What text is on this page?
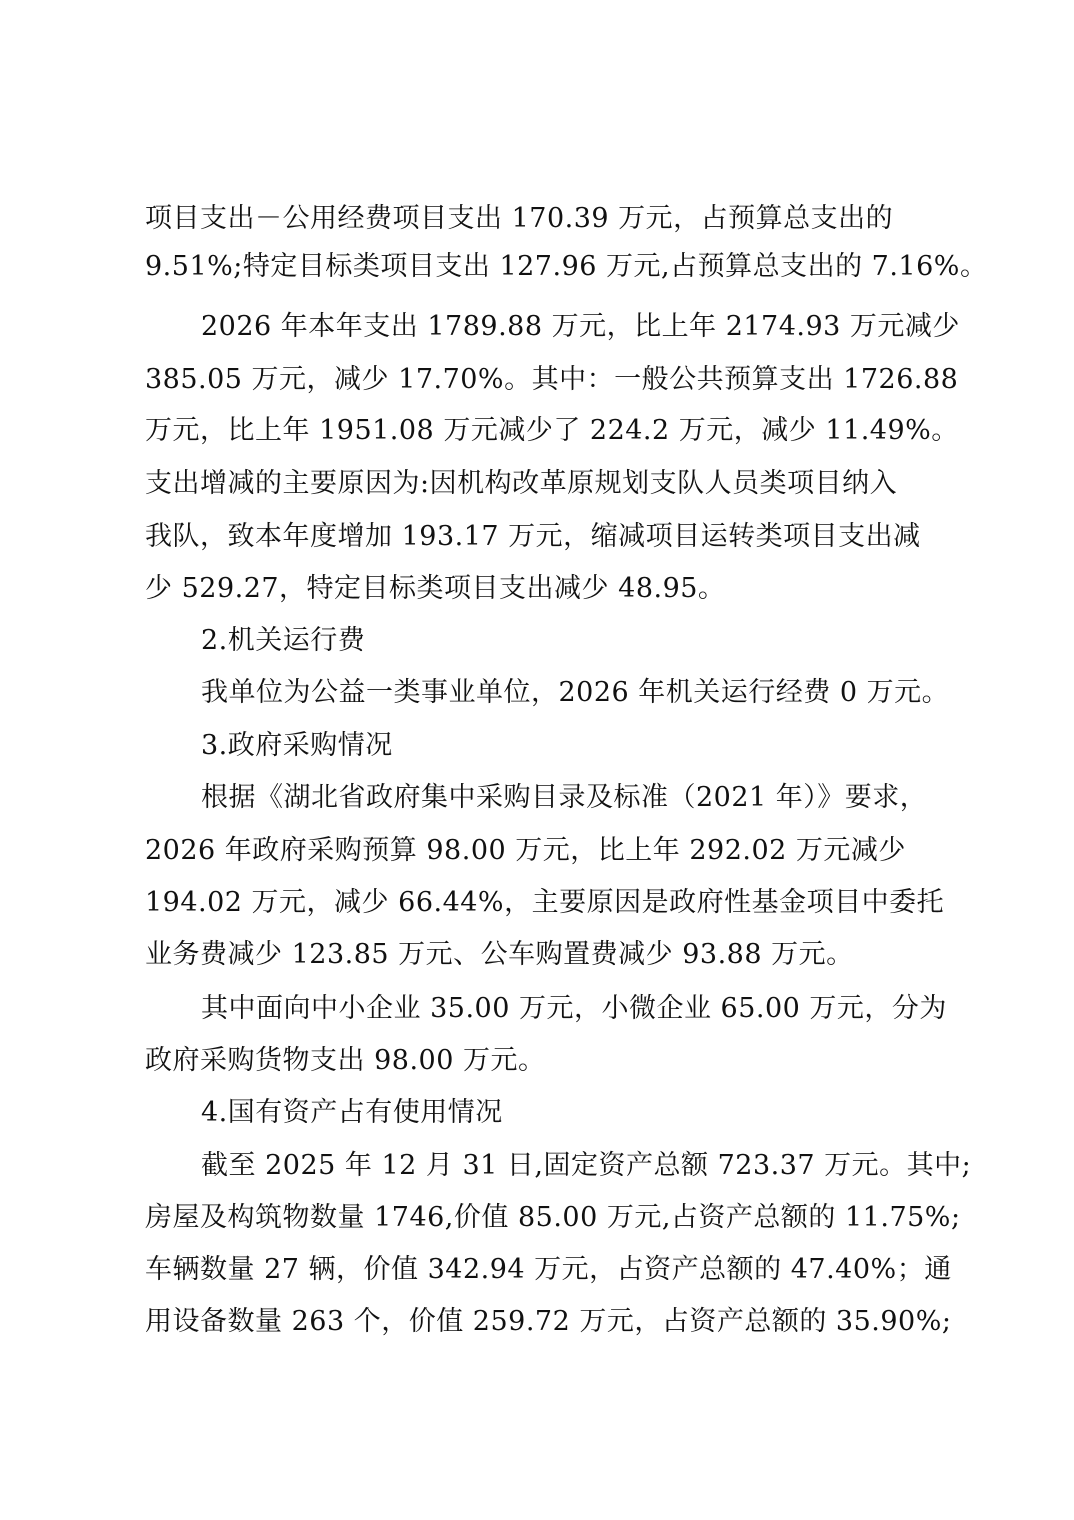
项目支出－公用经费项目支出 170.39 万元，占预算总支出的
9.51%;特定目标类项目支出 127.96 万元,占预算总支出的 7.16%。
2026 年本年支出 1789.88 万元，比上年 2174.93 万元减少
385.05 万元，减少 17.70%。其中：一般公共预算支出 1726.88
万元，比上年 1951.08 万元减少了 224.2 万元，减少 11.49%。
支出增减的主要原因为:因机构改革原规划支队人员类项目纳入
我队，致本年度增加 193.17 万元，缩减项目运转类项目支出减
少 529.27，特定目标类项目支出减少 48.95。
2.机关运行费
我单位为公益一类事业单位，2026 年机关运行经费 0 万元。
3.政府采购情况
根据《湖北省政府集中采购目录及标准（2021 年）》要求，
2026 年政府采购预算 98.00 万元，比上年 292.02 万元减少
194.02 万元，减少 66.44%，主要原因是政府性基金项目中委托
业务费减少 123.85 万元、公车购置费减少 93.88 万元。
其中面向中小企业 35.00 万元，小微企业 65.00 万元，分为
政府采购货物支出 98.00 万元。
4.国有资产占有使用情况
截至 2025 年 12 月 31 日,固定资产总额 723.37 万元。其中;
房屋及构筑物数量 1746,价值 85.00 万元,占资产总额的 11.75%;
车辆数量 27 辆，价值 342.94 万元，占资产总额的 47.40%；通
用设备数量 263 个，价值 259.72 万元，占资产总额的 35.90%;
